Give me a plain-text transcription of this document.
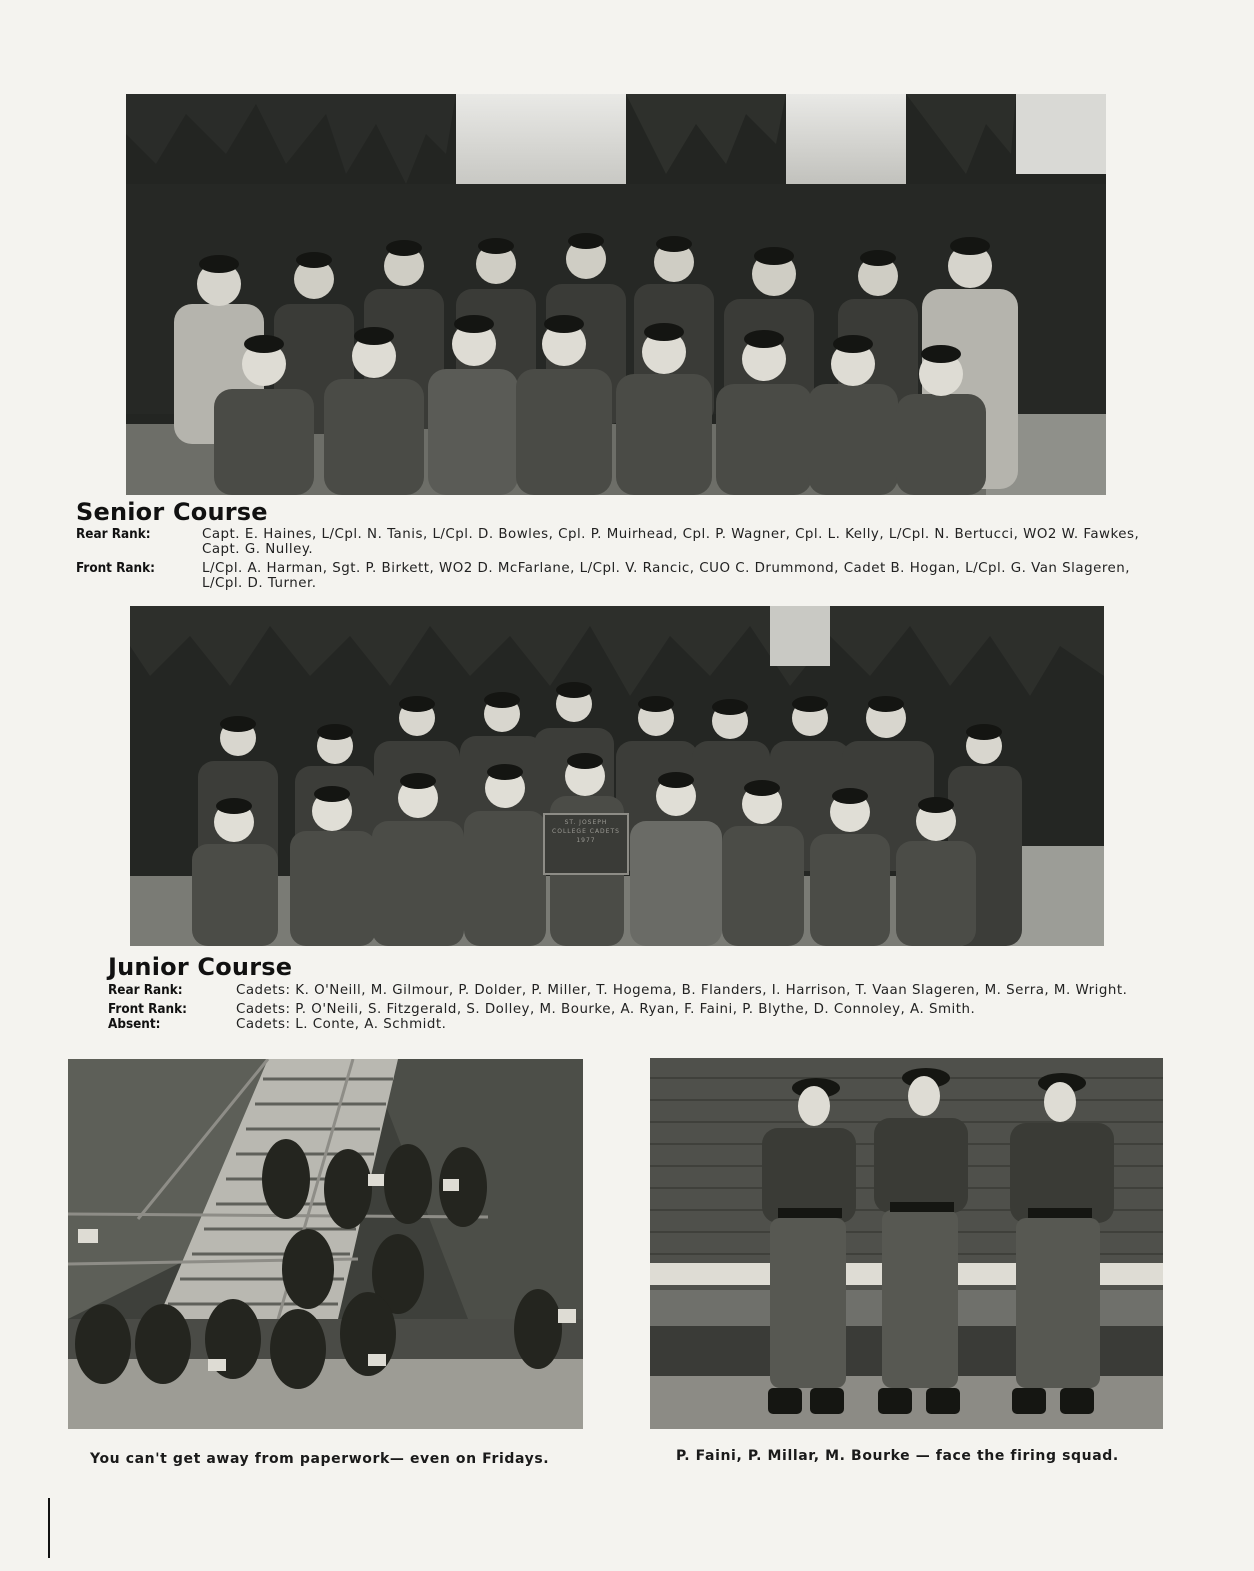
Senior Course
Rear Rank:	Capt. E. Haines, L/Cpl. N. Tanis, L/Cpl. D. Bowles, Cpl. P. Muirhead, Cpl. P. Wagner, Cpl. L. Kelly, L/Cpl. N. Bertucci, WO2 W. Fawkes, Capt. G. Nulley.
Front Rank:	L/Cpl. A. Harman, Sgt. P. Birkett, WO2 D. McFarlane, L/Cpl. V. Rancic, CUO C. Drummond, Cadet B. Hogan, L/Cpl. G. Van Slageren, L/Cpl. D. Turner.
ST. JOSEPH COLLEGE CADETS 1977
Junior Course
Rear Rank:	Cadets: K. O'Neill, M. Gilmour, P. Dolder, P. Miller, T. Hogema, B. Flanders, I. Harrison, T. Vaan Slageren, M. Serra, M. Wright.
Front Rank:	Cadets: P. O'Neili, S. Fitzgerald, S. Dolley, M. Bourke, A. Ryan, F. Faini, P. Blythe, D. Connoley, A. Smith.
Absent:	Cadets: L. Conte, A. Schmidt.

You can't get away from paperwork— even on Fridays.	P. Faini, P. Millar, M. Bourke — face the firing squad.
